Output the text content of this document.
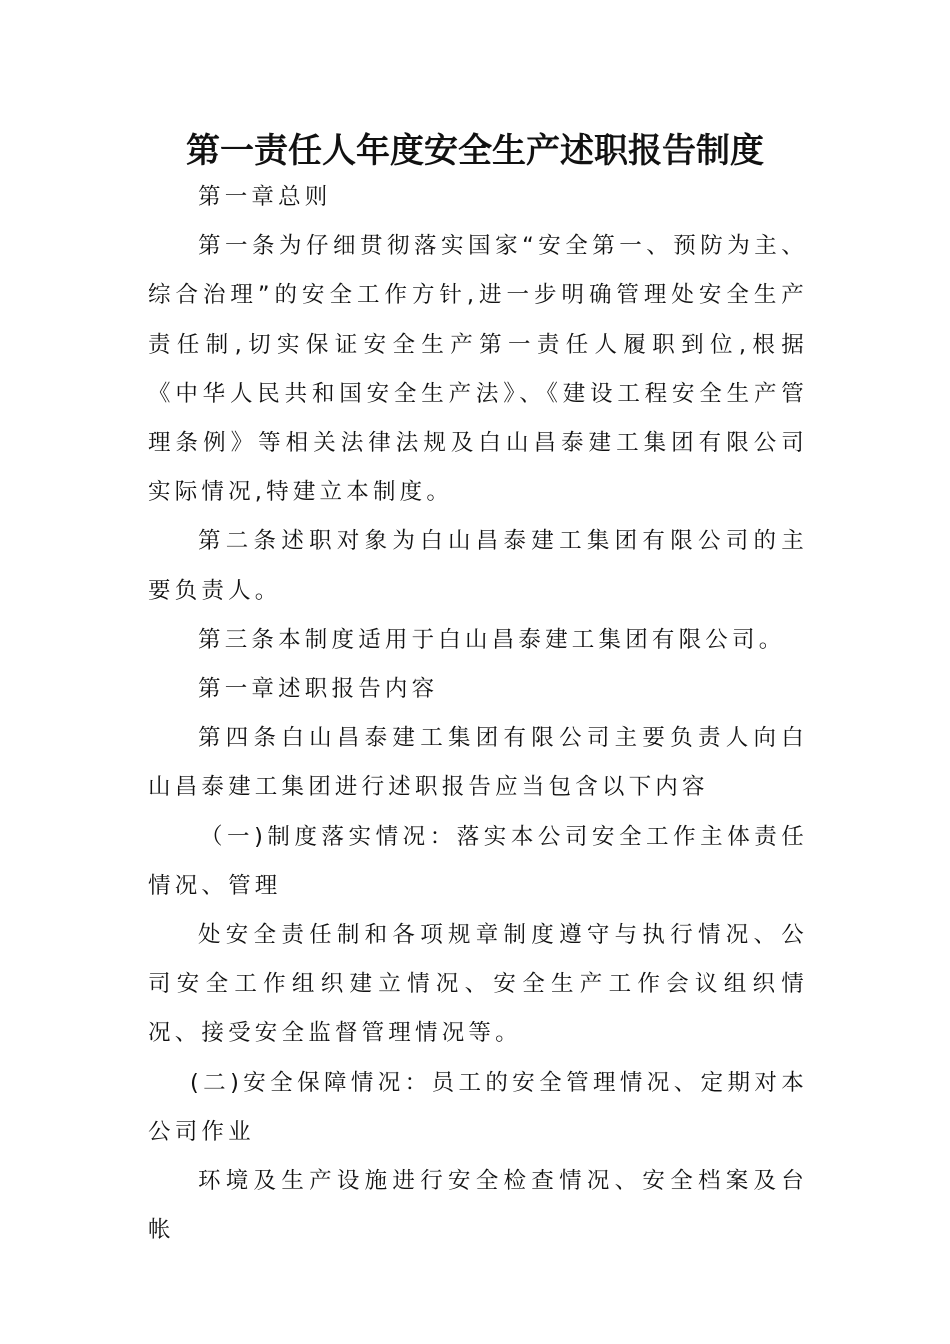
第一责任人年度安全生产述职报告制度

第一章总则

第一条为仔细贯彻落实国家“安全第一、预防为主、综合治理”的安全工作方针,进一步明确管理处安全生产责任制,切实保证安全生产第一责任人履职到位,根据《中华人民共和国安全生产法》、《建设工程安全生产管理条例》等相关法律法规及白山昌泰建工集团有限公司实际情况,特建立本制度。

第二条述职对象为白山昌泰建工集团有限公司的主要负责人。

第三条本制度适用于白山昌泰建工集团有限公司。

第一章述职报告内容

第四条白山昌泰建工集团有限公司主要负责人向白山昌泰建工集团进行述职报告应当包含以下内容

（一)制度落实情况：落实本公司安全工作主体责任情况、管理

处安全责任制和各项规章制度遵守与执行情况、公司安全工作组织建立情况、安全生产工作会议组织情况、接受安全监督管理情况等。

(二)安全保障情况：员工的安全管理情况、定期对本公司作业

环境及生产设施进行安全检查情况、安全档案及台帐
